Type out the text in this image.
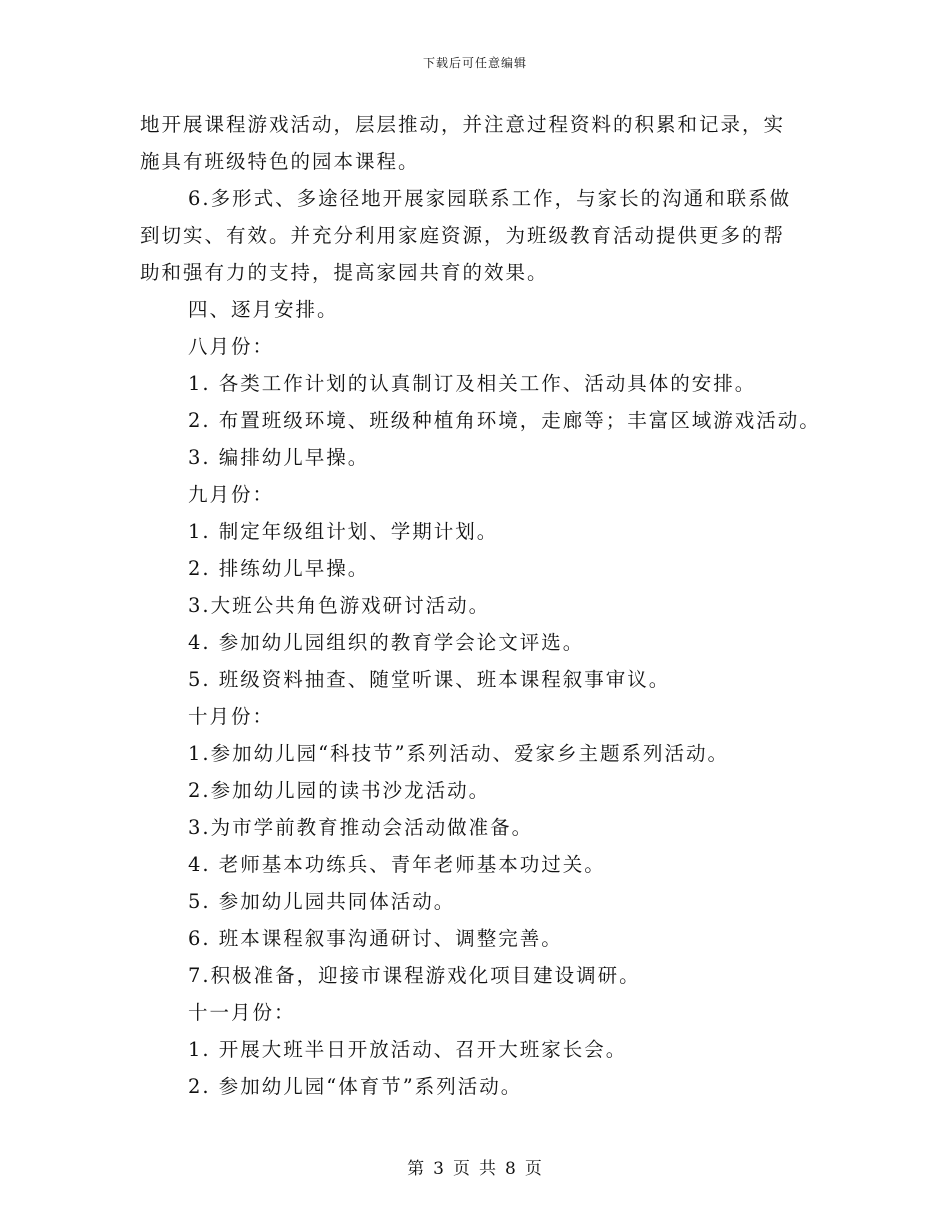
下载后可任意编辑
地开展课程游戏活动，层层推动，并注意过程资料的积累和记录，实
施具有班级特色的园本课程。
6.多形式、多途径地开展家园联系工作，与家长的沟通和联系做
到切实、有效。并充分利用家庭资源，为班级教育活动提供更多的帮
助和强有力的支持，提高家园共育的效果。
四、逐月安排。
八月份：
1. 各类工作计划的认真制订及相关工作、活动具体的安排。
2. 布置班级环境、班级种植角环境，走廊等；丰富区域游戏活动。
3. 编排幼儿早操。
九月份：
1. 制定年级组计划、学期计划。
2. 排练幼儿早操。
3.大班公共角色游戏研讨活动。
4. 参加幼儿园组织的教育学会论文评选。
5. 班级资料抽查、随堂听课、班本课程叙事审议。
十月份：
1.参加幼儿园“科技节”系列活动、爱家乡主题系列活动。
2.参加幼儿园的读书沙龙活动。
3.为市学前教育推动会活动做准备。
4. 老师基本功练兵、青年老师基本功过关。
5. 参加幼儿园共同体活动。
6. 班本课程叙事沟通研讨、调整完善。
7.积极准备，迎接市课程游戏化项目建设调研。
十一月份：
1. 开展大班半日开放活动、召开大班家长会。
2. 参加幼儿园“体育节”系列活动。
第 3 页 共 8 页
